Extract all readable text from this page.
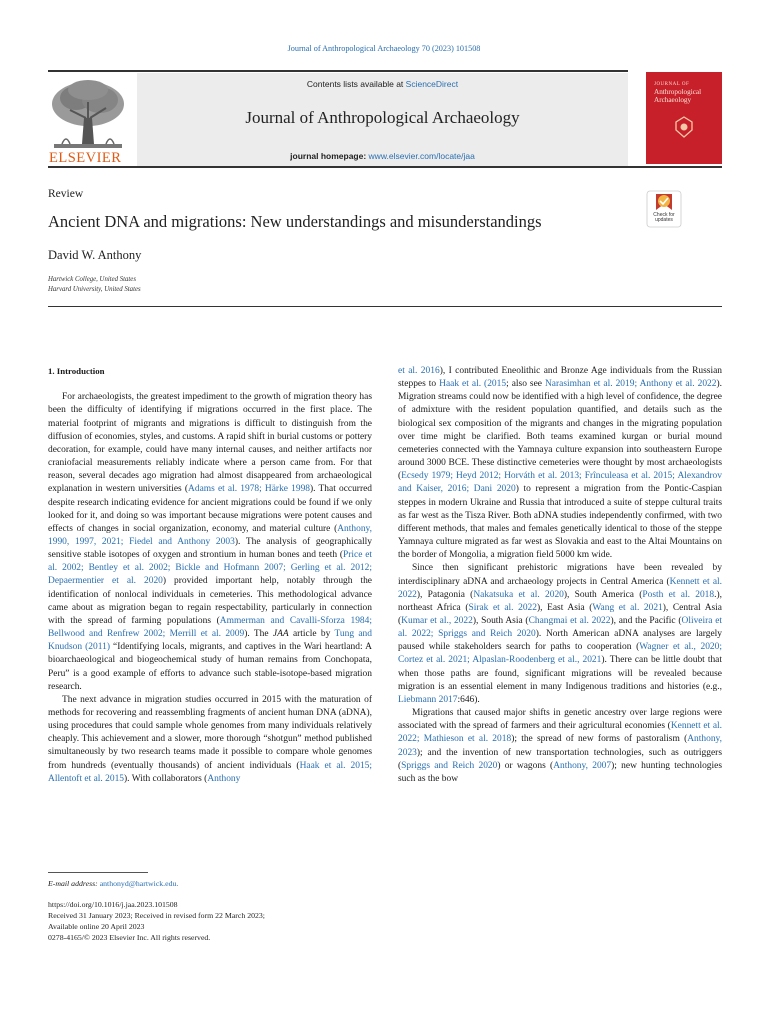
Journal of Anthropological Archaeology 70 (2023) 101508
ELSEVIER
Contents lists available at ScienceDirect
Journal of Anthropological Archaeology
journal homepage: www.elsevier.com/locate/jaa
JOURNAL OF
Anthropological Archaeology
Review
Ancient DNA and migrations: New understandings and misunderstandings	Check for updates
David W. Anthony
Hartwick College, United States
Harvard University, United States
1. Introduction

For archaeologists, the greatest impediment to the growth of migration theory has been the difficulty of identifying if migrations occurred in the first place. The material footprint of migrants and migrations is difficult to distinguish from the diffusion of economies, styles, and customs. A rapid shift in burial customs or pottery decoration, for example, could have many internal causes, and neither artifacts nor craniofacial measurements reliably indicate where a person came from. For that reason, several decades ago migration had almost disappeared from archaeological explanation in western universities (Adams et al. 1978; Härke 1998). That occurred despite research indicating evidence for ancient migrations could be found if we only looked for it, and doing so was important because migrations were potent causes and effects of changes in social organization, economy, and material culture (Anthony, 1990, 1997, 2021; Fiedel and Anthony 2003). The analysis of geographically sensitive stable isotopes of oxygen and strontium in human bones and teeth (Price et al. 2002; Bentley et al. 2002; Bickle and Hofmann 2007; Gerling et al. 2012; Depaermentier et al. 2020) provided important help, notably through the identification of nonlocal individuals in cemeteries. This methodological advance came about as migration began to regain respectability, particularly in connection with the spread of farming populations (Ammerman and Cavalli-Sforza 1984; Bellwood and Renfrew 2002; Merrill et al. 2009). The JAA article by Tung and Knudson (2011) “Identifying locals, migrants, and captives in the Wari heartland: A bioarchaeological and biogeochemical study of human remains from Conchopata, Peru” is a good example of efforts to advance such stable-isotope-based migration research.

The next advance in migration studies occurred in 2015 with the maturation of methods for recovering and reassembling fragments of ancient human DNA (aDNA), using procedures that could sample whole genomes from many individuals relatively cheaply. This achievement and a slower, more thorough “shotgun” method published simultaneously by two research teams made it possible to compare whole genomes from hundreds (eventually thousands) of ancient individuals (Haak et al. 2015; Allentoft et al. 2015). With collaborators (Anthony

et al. 2016), I contributed Eneolithic and Bronze Age individuals from the Russian steppes to Haak et al. (2015; also see Narasimhan et al. 2019; Anthony et al. 2022). Migration streams could now be identified with a high level of confidence, the degree of admixture with the resident population quantified, and details such as the biological sex composition of the migrants and changes in the migrating population over time might be clarified. Both teams examined kurgan or burial mound cemeteries connected with the Yamnaya culture expansion into southeastern Europe around 3000 BCE. These distinctive cemeteries were thought by most archaeologists (Ecsedy 1979; Heyd 2012; Horváth et al. 2013; Frînculeasa et al. 2015; Alexandrov and Kaiser, 2016; Dani 2020) to represent a migration from the Pontic-Caspian steppes in modern Ukraine and Russia that introduced a suite of steppe cultural traits as far west as the Tisza River. Both aDNA studies independently confirmed, with two different methods, that males and females genetically identical to those of the steppe Yamnaya culture migrated as far west as Slovakia and east to the Altai Mountains on the border of Mongolia, a migration field 5000 km wide.

Since then significant prehistoric migrations have been revealed by interdisciplinary aDNA and archaeology projects in Central America (Kennett et al. 2022), Patagonia (Nakatsuka et al. 2020), South America (Posth et al. 2018.), northeast Africa (Sirak et al. 2022), East Asia (Wang et al. 2021), Central Asia (Kumar et al., 2022), South Asia (Changmai et al. 2022), and the Pacific (Oliveira et al. 2022; Spriggs and Reich 2020). North American aDNA analyses are largely paused while stakeholders search for paths to cooperation (Wagner et al., 2020; Cortez et al. 2021; Alpaslan-Roodenberg et al., 2021). There can be little doubt that when those paths are found, significant migrations will be revealed because migration is an essential element in many Indigenous traditions and histories (e.g., Liebmann 2017:646).

Migrations that caused major shifts in genetic ancestry over large regions were associated with the spread of farmers and their agricultural economies (Kennett et al. 2022; Mathieson et al. 2018); the spread of new forms of pastoralism (Anthony, 2023); and the invention of new transportation technologies, such as outriggers (Spriggs and Reich 2020) or wagons (Anthony, 2007); new hunting technologies such as the bow

E-mail address: anthonyd@hartwick.edu.
https://doi.org/10.1016/j.jaa.2023.101508
Received 31 January 2023; Received in revised form 22 March 2023;
Available online 20 April 2023
0278-4165/© 2023 Elsevier Inc. All rights reserved.
